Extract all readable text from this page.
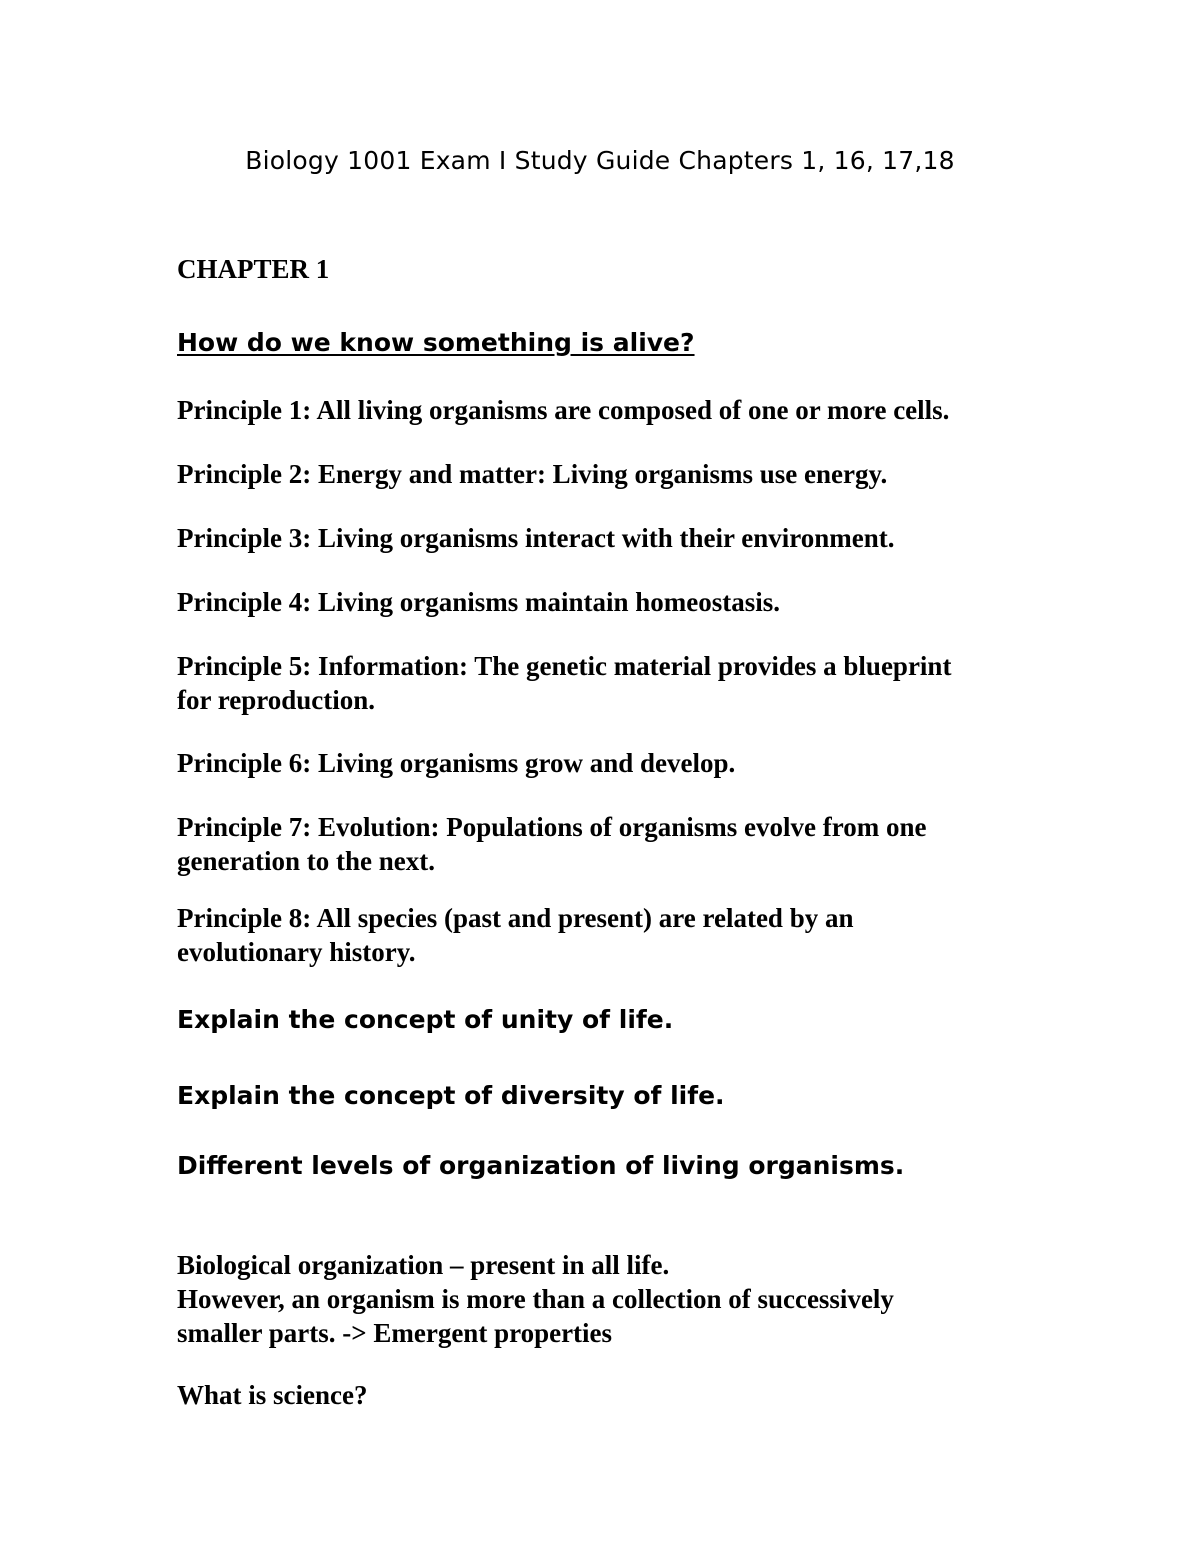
Biology 1001 Exam I Study Guide Chapters 1, 16, 17,18
CHAPTER 1
How do we know something is alive?
Principle 1: All living organisms are composed of one or more cells.
Principle 2: Energy and matter: Living organisms use energy.
Principle 3: Living organisms interact with their environment.
Principle 4: Living organisms maintain homeostasis.
Principle 5: Information: The genetic material provides a blueprint
for reproduction.
Principle 6: Living organisms grow and develop.
Principle 7: Evolution: Populations of organisms evolve from one
generation to the next.
Principle 8: All species (past and present) are related by an
evolutionary history.
Explain the concept of unity of life.
Explain the concept of diversity of life.
Different levels of organization of living organisms.
Biological organization – present in all life.
However, an organism is more than a collection of successively
smaller parts. -> Emergent properties
What is science?
